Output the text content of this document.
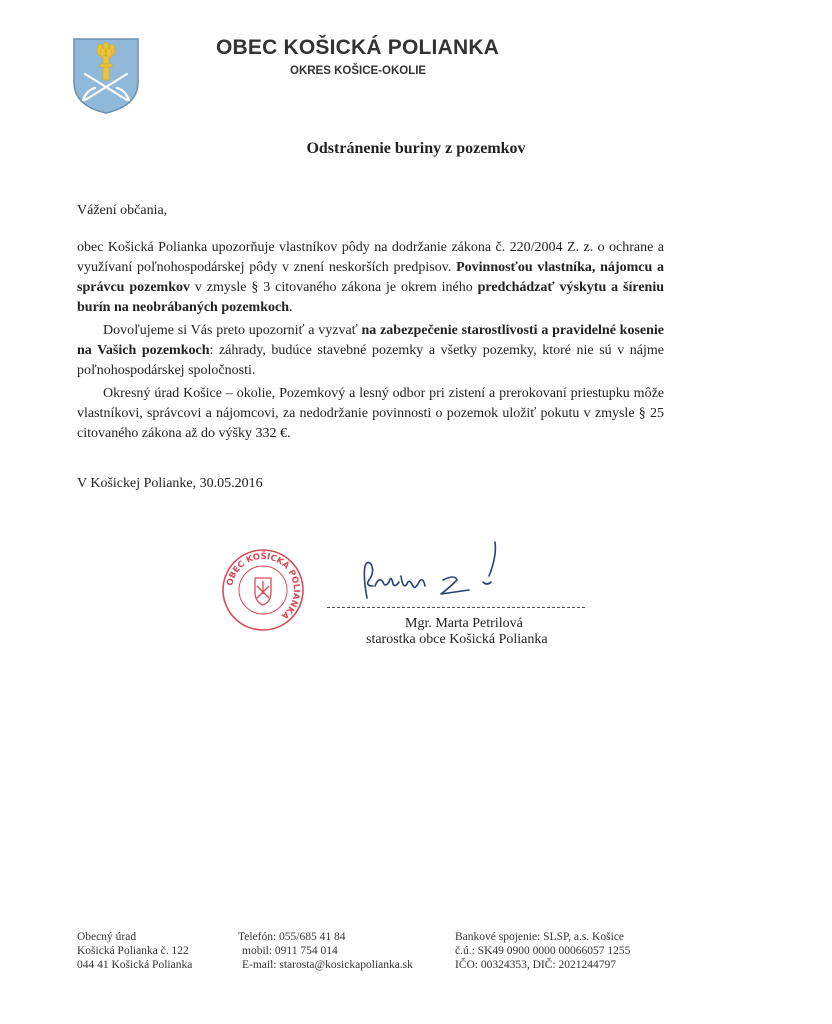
OBEC KOŠICKÁ POLIANKA
OKRES KOŠICE-OKOLIE
Odstránenie buriny z pozemkov
Vážení občania,

obec Košická Polianka upozorňuje vlastníkov pôdy na dodržanie zákona č. 220/2004 Z. z. o ochrane a využívaní poľnohospodárskej pôdy v znení neskorších predpisov. Povinnosťou vlastníka, nájomcu a správcu pozemkov v zmysle § 3 citovaného zákona je okrem iného predchádzať výskytu a šíreniu burín na neobrábaných pozemkoch.

Dovoľujeme si Vás preto upozorniť a vyzvať na zabezpečenie starostlivosti a pravidelné kosenie na Vašich pozemkoch: záhrady, budúce stavebné pozemky a všetky pozemky, ktoré nie sú v nájme poľnohospodárskej spoločnosti.

Okresný úrad Košice – okolie, Pozemkový a lesný odbor pri zistení a prerokovaní priestupku môže vlastníkovi, správcovi a nájomcovi, za nedodržanie povinnosti o pozemok uložiť pokutu v zmysle § 25 citovaného zákona až do výšky 332 €.

V Košickej Polianke, 30.05.2016
OBEC KOŠICKÁ POLIANKA
Mgr. Marta Petrilová
starostka obce Košická Polianka
Obecný úrad
Košická Polianka č. 122
044 41 Košická Polianka
Telefón: 055/685 41 84
mobil: 0911 754 014
E-mail: starosta@kosickapolianka.sk
Bankové spojenie: SLSP, a.s. Košice
č.ú.: SK49 0900 0000 00066057 1255
IČO: 00324353, DIČ: 2021244797
